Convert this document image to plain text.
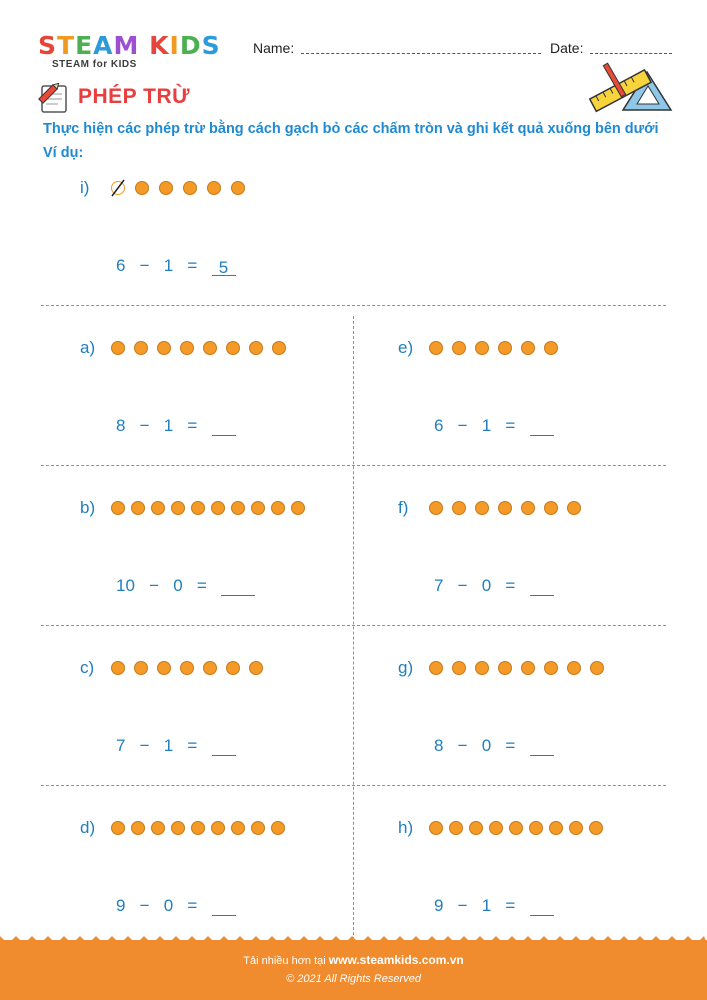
STEAM KIDS
STEAM for KIDS
Name:	Date:
PHÉP TRỪ
Thực hiện các phép trừ bằng cách gạch bỏ các chấm tròn và ghi kết quả xuống bên dưới
Ví dụ:
i)
6 − 1 = 5
a)
8 − 1 =
e)
6 − 1 =
b)
10 − 0 =
f)
7 − 0 =
c)
7 − 1 =
g)
8 − 0 =
d)
9 − 0 =
h)
9 − 1 =
Tải nhiều hơn tại www.steamkids.com.vn
© 2021 All Rights Reserved
